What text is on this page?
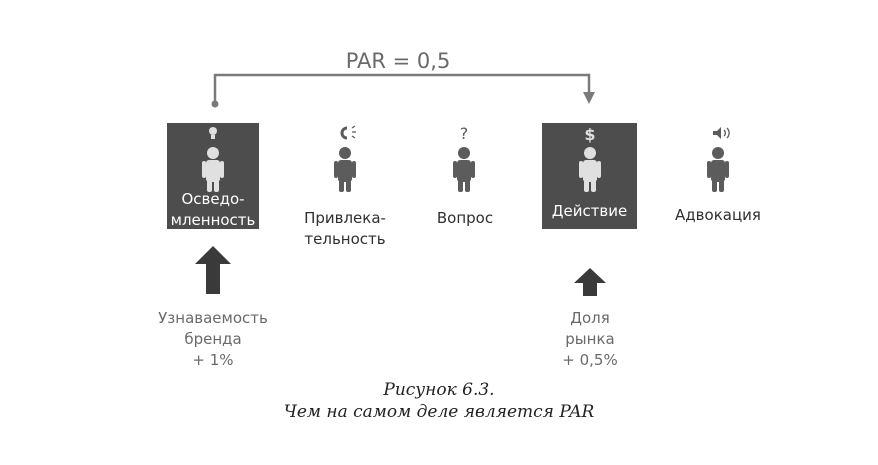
?	$
PAR = 0,5
Осведо-
мленность	Привлека-
тельность
Вопрос	Действие	Адвокация
Узнаваемость
бренда
+ 1%
Доля
рынка
+ 0,5%
Рисунок 6.3.
Чем на самом деле является PAR
